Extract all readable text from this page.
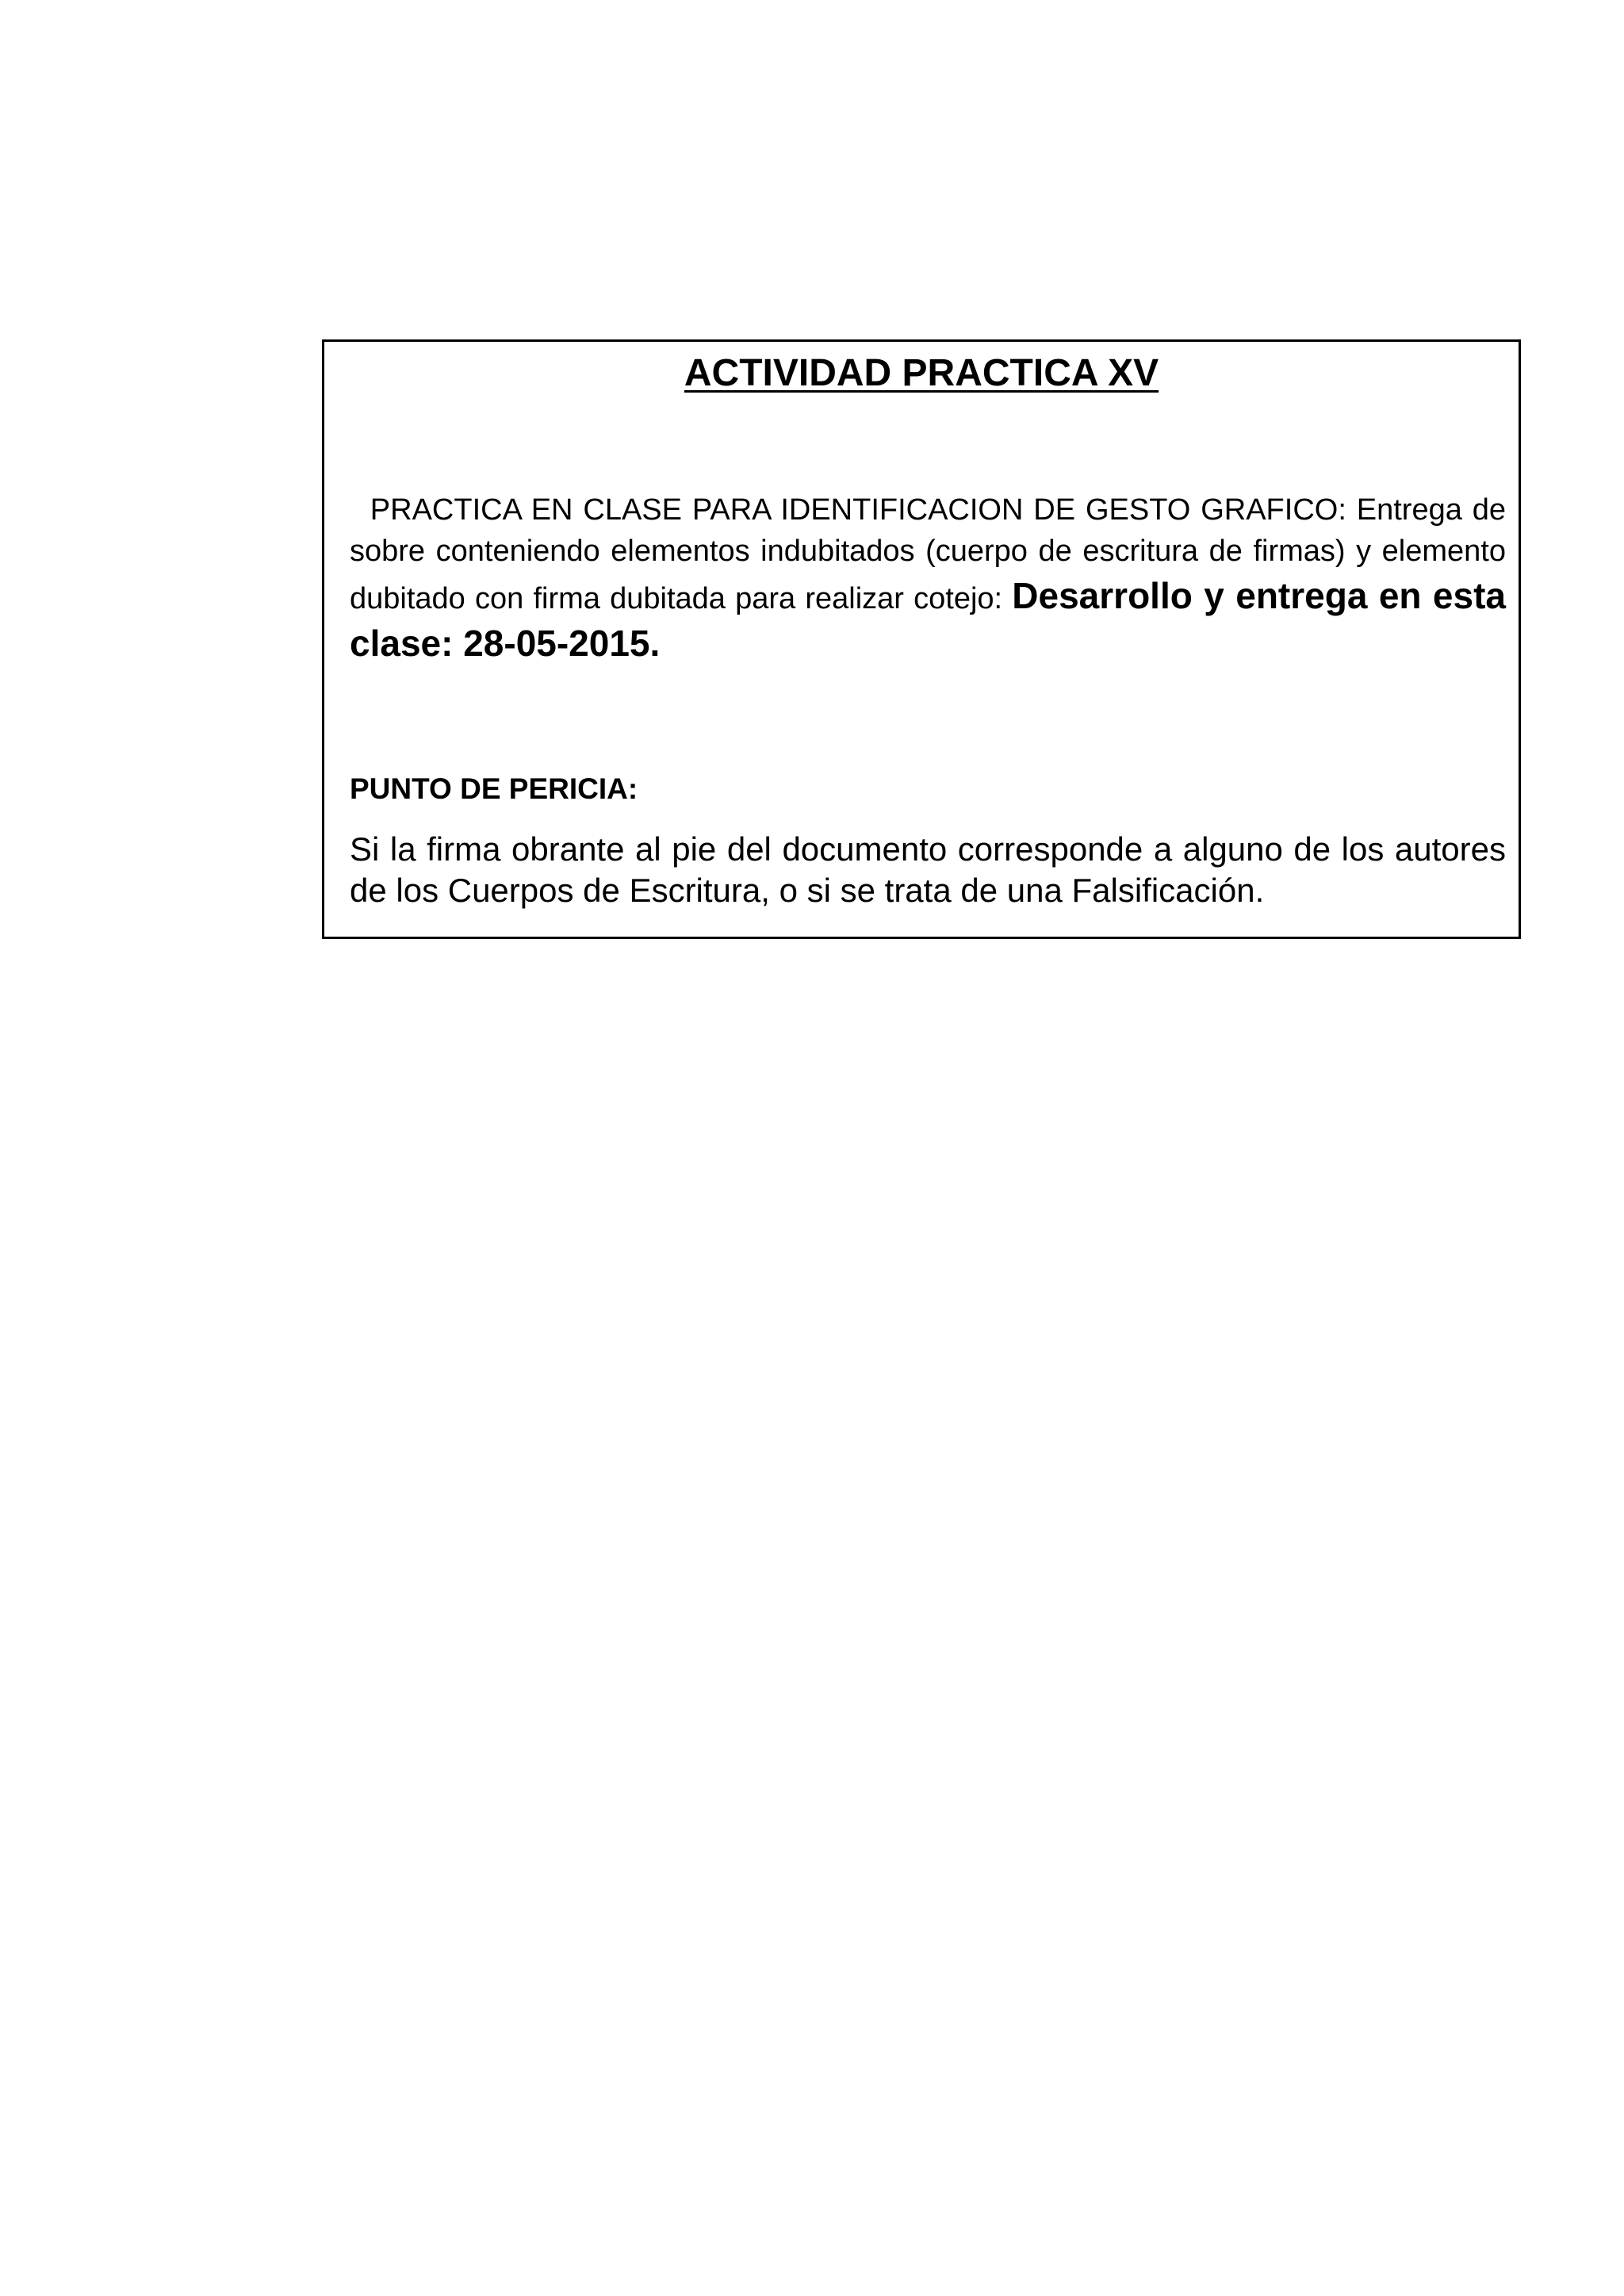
ACTIVIDAD PRACTICA XV

PRACTICA EN CLASE PARA IDENTIFICACION DE GESTO GRAFICO: Entrega de sobre conteniendo elementos indubitados (cuerpo de escritura de firmas) y elemento dubitado con firma dubitada para realizar cotejo: Desarrollo y entrega en esta clase: 28-05-2015.

PUNTO DE PERICIA:

Si la firma obrante al pie del documento corresponde a alguno de los autores de los Cuerpos de Escritura, o si se trata de una Falsificación.
